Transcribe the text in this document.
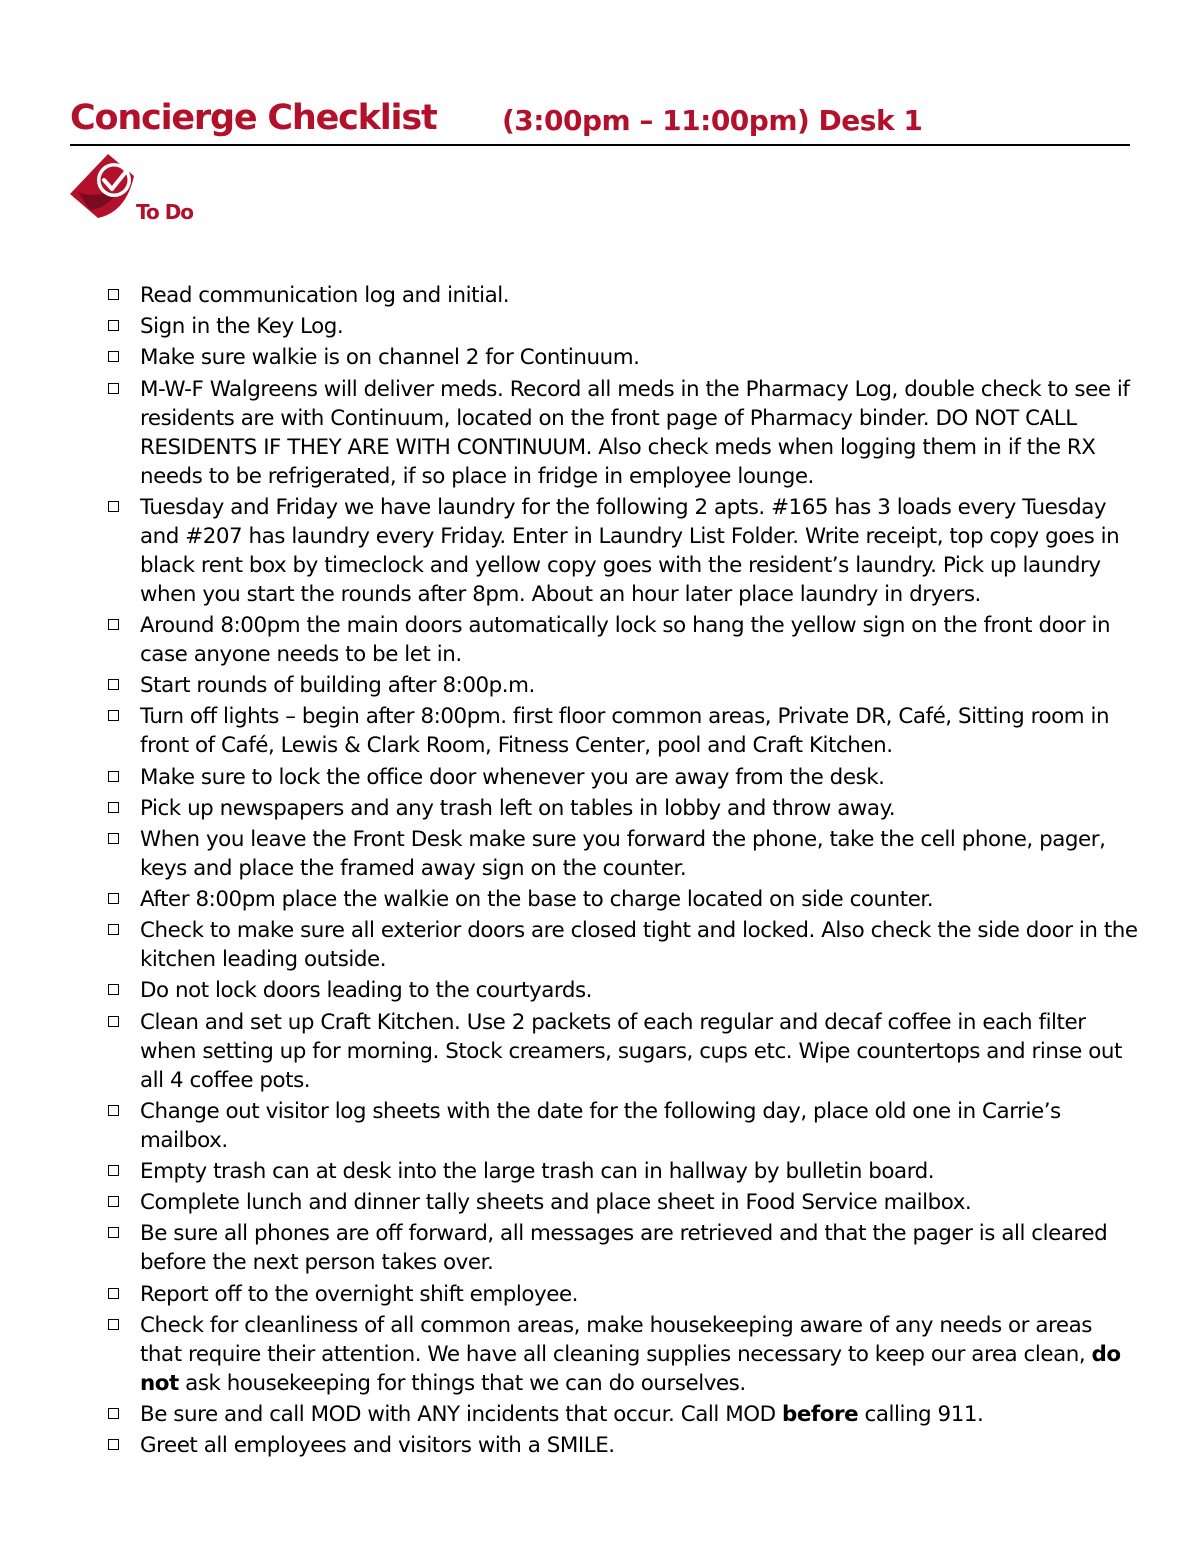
Concierge Checklist (3:00pm – 11:00pm) Desk 1
To Do
Read communication log and initial.
Sign in the Key Log.
Make sure walkie is on channel 2 for Continuum.
M-W-F Walgreens will deliver meds. Record all meds in the Pharmacy Log, double check to see if residents are with Continuum, located on the front page of Pharmacy binder. DO NOT CALL RESIDENTS IF THEY ARE WITH CONTINUUM. Also check meds when logging them in if the RX needs to be refrigerated, if so place in fridge in employee lounge.
Tuesday and Friday we have laundry for the following 2 apts. #165 has 3 loads every Tuesday and #207 has laundry every Friday. Enter in Laundry List Folder. Write receipt, top copy goes in black rent box by timeclock and yellow copy goes with the resident’s laundry. Pick up laundry when you start the rounds after 8pm. About an hour later place laundry in dryers.
Around 8:00pm the main doors automatically lock so hang the yellow sign on the front door in case anyone needs to be let in.
Start rounds of building after 8:00p.m.
Turn off lights – begin after 8:00pm. first floor common areas, Private DR, Café, Sitting room in front of Café, Lewis & Clark Room, Fitness Center, pool and Craft Kitchen.
Make sure to lock the office door whenever you are away from the desk.
Pick up newspapers and any trash left on tables in lobby and throw away.
When you leave the Front Desk make sure you forward the phone, take the cell phone, pager, keys and place the framed away sign on the counter.
After 8:00pm place the walkie on the base to charge located on side counter.
Check to make sure all exterior doors are closed tight and locked. Also check the side door in the kitchen leading outside.
Do not lock doors leading to the courtyards.
Clean and set up Craft Kitchen. Use 2 packets of each regular and decaf coffee in each filter when setting up for morning. Stock creamers, sugars, cups etc. Wipe countertops and rinse out all 4 coffee pots.
Change out visitor log sheets with the date for the following day, place old one in Carrie’s mailbox.
Empty trash can at desk into the large trash can in hallway by bulletin board.
Complete lunch and dinner tally sheets and place sheet in Food Service mailbox.
Be sure all phones are off forward, all messages are retrieved and that the pager is all cleared before the next person takes over.
Report off to the overnight shift employee.
Check for cleanliness of all common areas, make housekeeping aware of any needs or areas that require their attention. We have all cleaning supplies necessary to keep our area clean, do not ask housekeeping for things that we can do ourselves.
Be sure and call MOD with ANY incidents that occur. Call MOD before calling 911.
Greet all employees and visitors with a SMILE.
